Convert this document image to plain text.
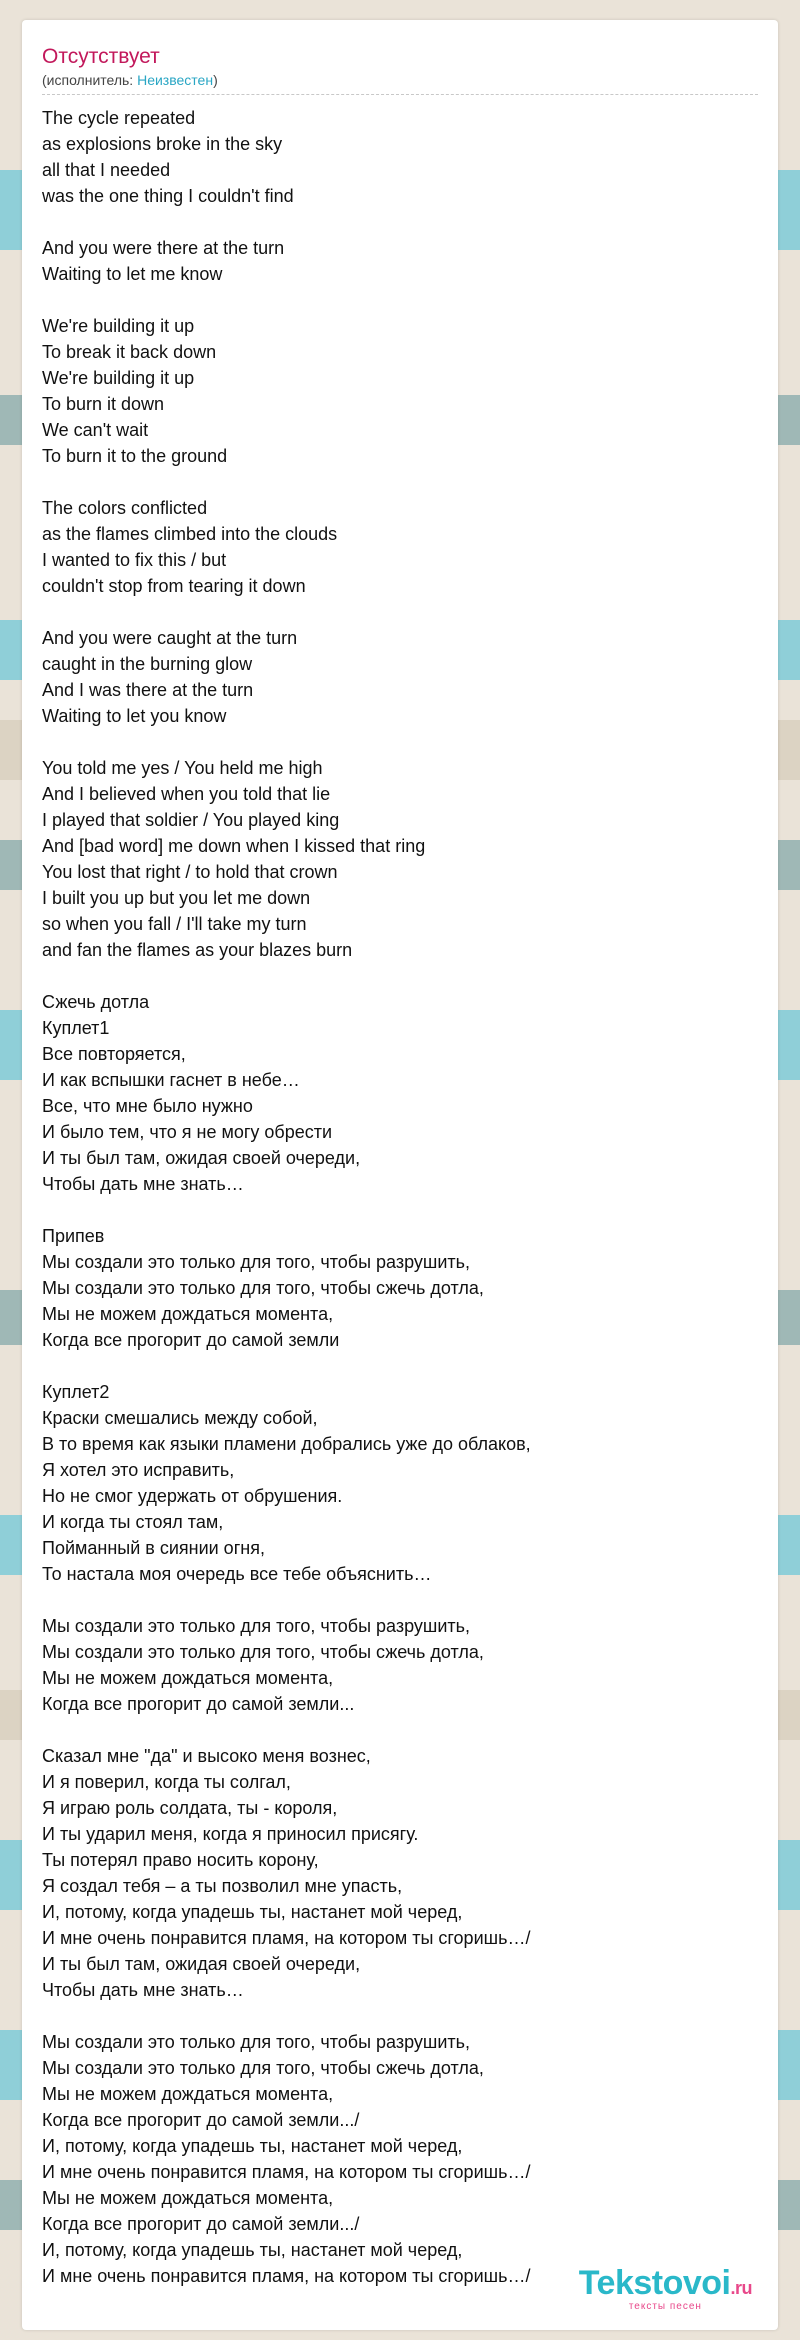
Отсутствует
(исполнитель: Неизвестен)
The cycle repeated
as explosions broke in the sky
all that I needed
was the one thing I couldn't find
And you were there at the turn
Waiting to let me know
We're building it up
To break it back down
We're building it up
To burn it down
We can't wait
To burn it to the ground
The colors conflicted
as the flames climbed into the clouds
I wanted to fix this / but
couldn't stop from tearing it down
And you were caught at the turn
caught in the burning glow
And I was there at the turn
Waiting to let you know
You told me yes / You held me high
And I believed when you told that lie
I played that soldier / You played king
And [bad word] me down when I kissed that ring
You lost that right / to hold that crown
I built you up but you let me down
so when you fall / I'll take my turn
and fan the flames as your blazes burn
Сжечь дотла
Куплет1
Все повторяется,
И как вспышки гаснет в небе…
Все, что мне было нужно
И было тем, что я не могу обрести
И ты был там, ожидая своей очереди,
Чтобы дать мне знать…
Припев
Мы создали это только для того, чтобы разрушить,
Мы создали это только для того, чтобы сжечь дотла,
Мы не можем дождаться момента,
Когда все прогорит до самой земли
Куплет2
Краски смешались между собой,
В то время как языки пламени добрались уже до облаков,
Я хотел это исправить,
Но не смог удержать от обрушения.
И когда ты стоял там,
Пойманный в сиянии огня,
То настала моя очередь все тебе объяснить…
Мы создали это только для того, чтобы разрушить,
Мы создали это только для того, чтобы сжечь дотла,
Мы не можем дождаться момента,
Когда все прогорит до самой земли...
Сказал мне "да" и высоко меня вознес,
И я поверил, когда ты солгал,
Я играю роль солдата, ты - короля,
И ты ударил меня, когда я приносил присягу.
Ты потерял право носить корону,
Я создал тебя – а ты позволил мне упасть,
И, потому, когда упадешь ты, настанет мой черед,
И мне очень понравится пламя, на котором ты сгоришь…/
И ты был там, ожидая своей очереди,
Чтобы дать мне знать…
Мы создали это только для того, чтобы разрушить,
Мы создали это только для того, чтобы сжечь дотла,
Мы не можем дождаться момента,
Когда все прогорит до самой земли.../
И, потому, когда упадешь ты, настанет мой черед,
И мне очень понравится пламя, на котором ты сгоришь…/
Мы не можем дождаться момента,
Когда все прогорит до самой земли.../
И, потому, когда упадешь ты, настанет мой черед,
И мне очень понравится пламя, на котором ты сгоришь…/	Tekstovoi.ru
тексты песен
